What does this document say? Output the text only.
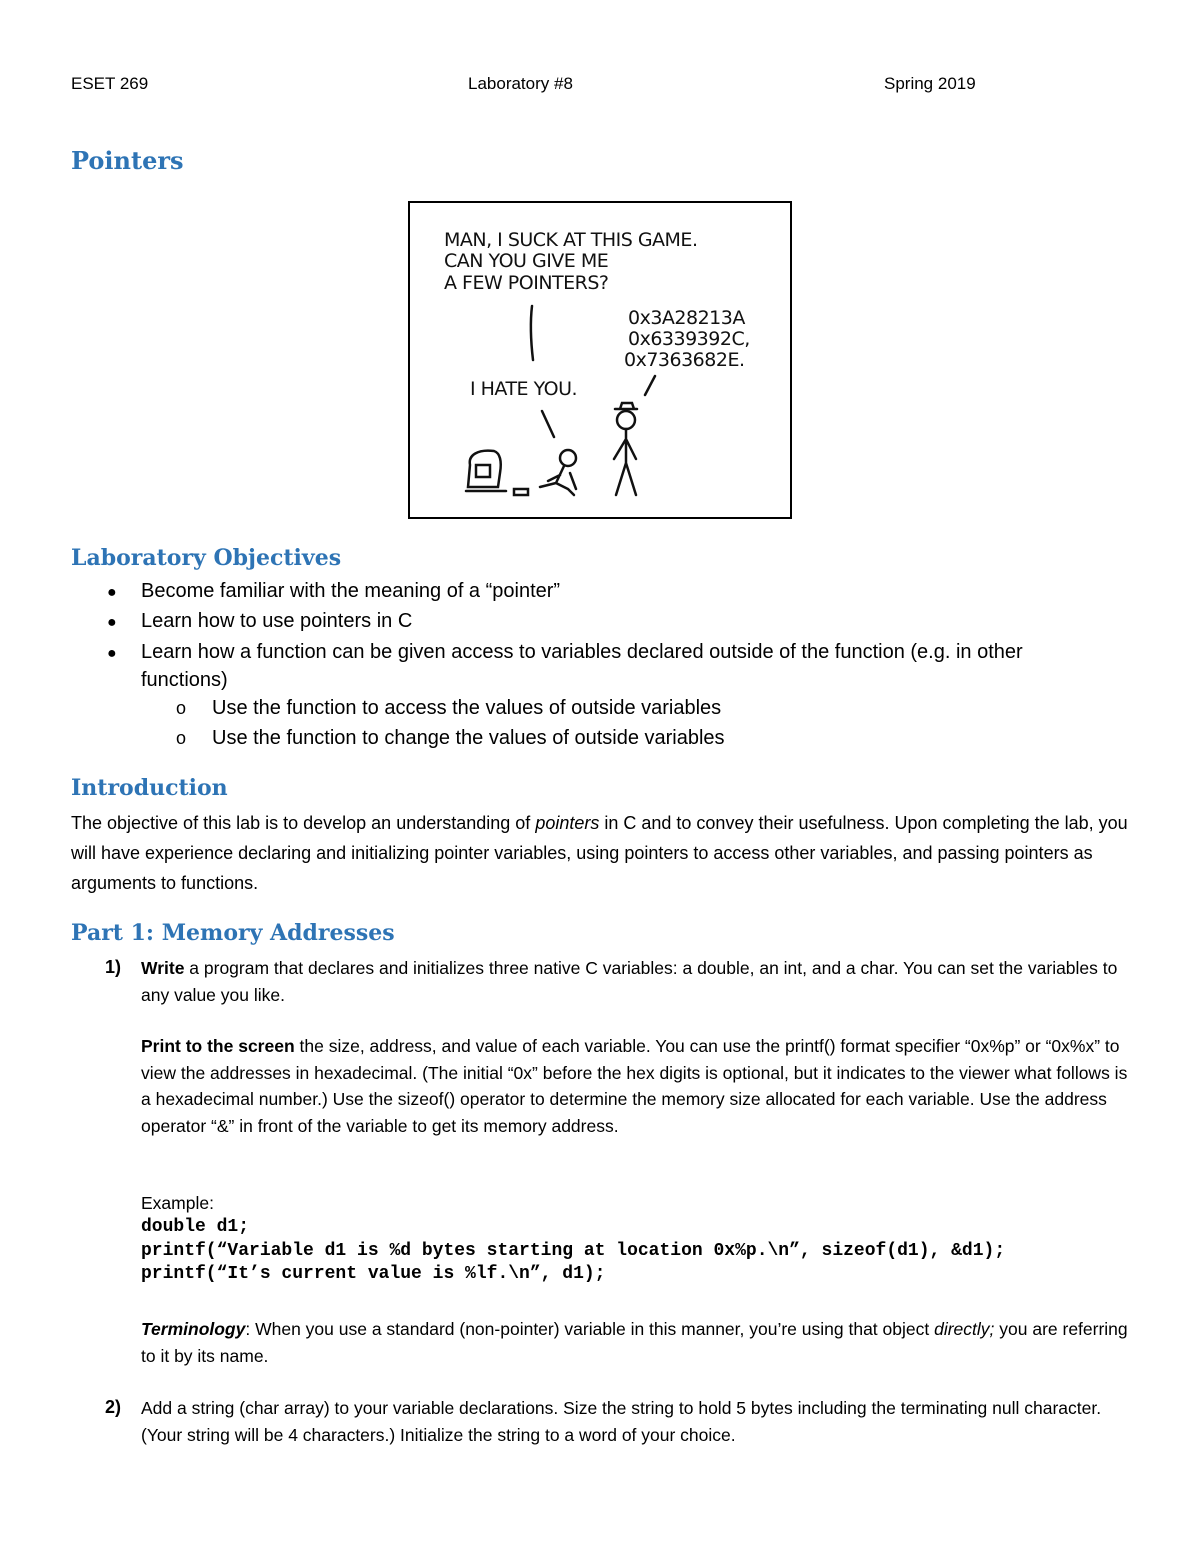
ESET 269	Laboratory #8	Spring 2019
Pointers
MAN, I SUCK AT THIS GAME.
CAN YOU GIVE ME
A FEW POINTERS?
0x3A28213A
0x6339392C,
0x7363682E.
I HATE YOU.
Laboratory Objectives
● Become familiar with the meaning of a “pointer”
● Learn how to use pointers in C
● Learn how a function can be given access to variables declared outside of the function (e.g. in other
functions)
o Use the function to access the values of outside variables
o Use the function to change the values of outside variables
Introduction
The objective of this lab is to develop an understanding of pointers in C and to convey their usefulness. Upon completing the lab, you will have experience declaring and initializing pointer variables, using pointers to access other variables, and passing pointers as arguments to functions.
Part 1: Memory Addresses
1) Write a program that declares and initializes three native C variables: a double, an int, and a char. You can set the variables to any value you like.
Print to the screen the size, address, and value of each variable. You can use the printf() format specifier “0x%p” or “0x%x” to view the addresses in hexadecimal. (The initial “0x” before the hex digits is optional, but it indicates to the viewer what follows is a hexadecimal number.) Use the sizeof() operator to determine the memory size allocated for each variable. Use the address operator “&” in front of the variable to get its memory address.
Example:
double d1;
printf(“Variable d1 is %d bytes starting at location 0x%p.\n”, sizeof(d1), &d1);
printf(“It’s current value is %lf.\n”, d1);
Terminology: When you use a standard (non-pointer) variable in this manner, you’re using that object directly; you are referring to it by its name.
2) Add a string (char array) to your variable declarations. Size the string to hold 5 bytes including the terminating null character. (Your string will be 4 characters.) Initialize the string to a word of your choice.
